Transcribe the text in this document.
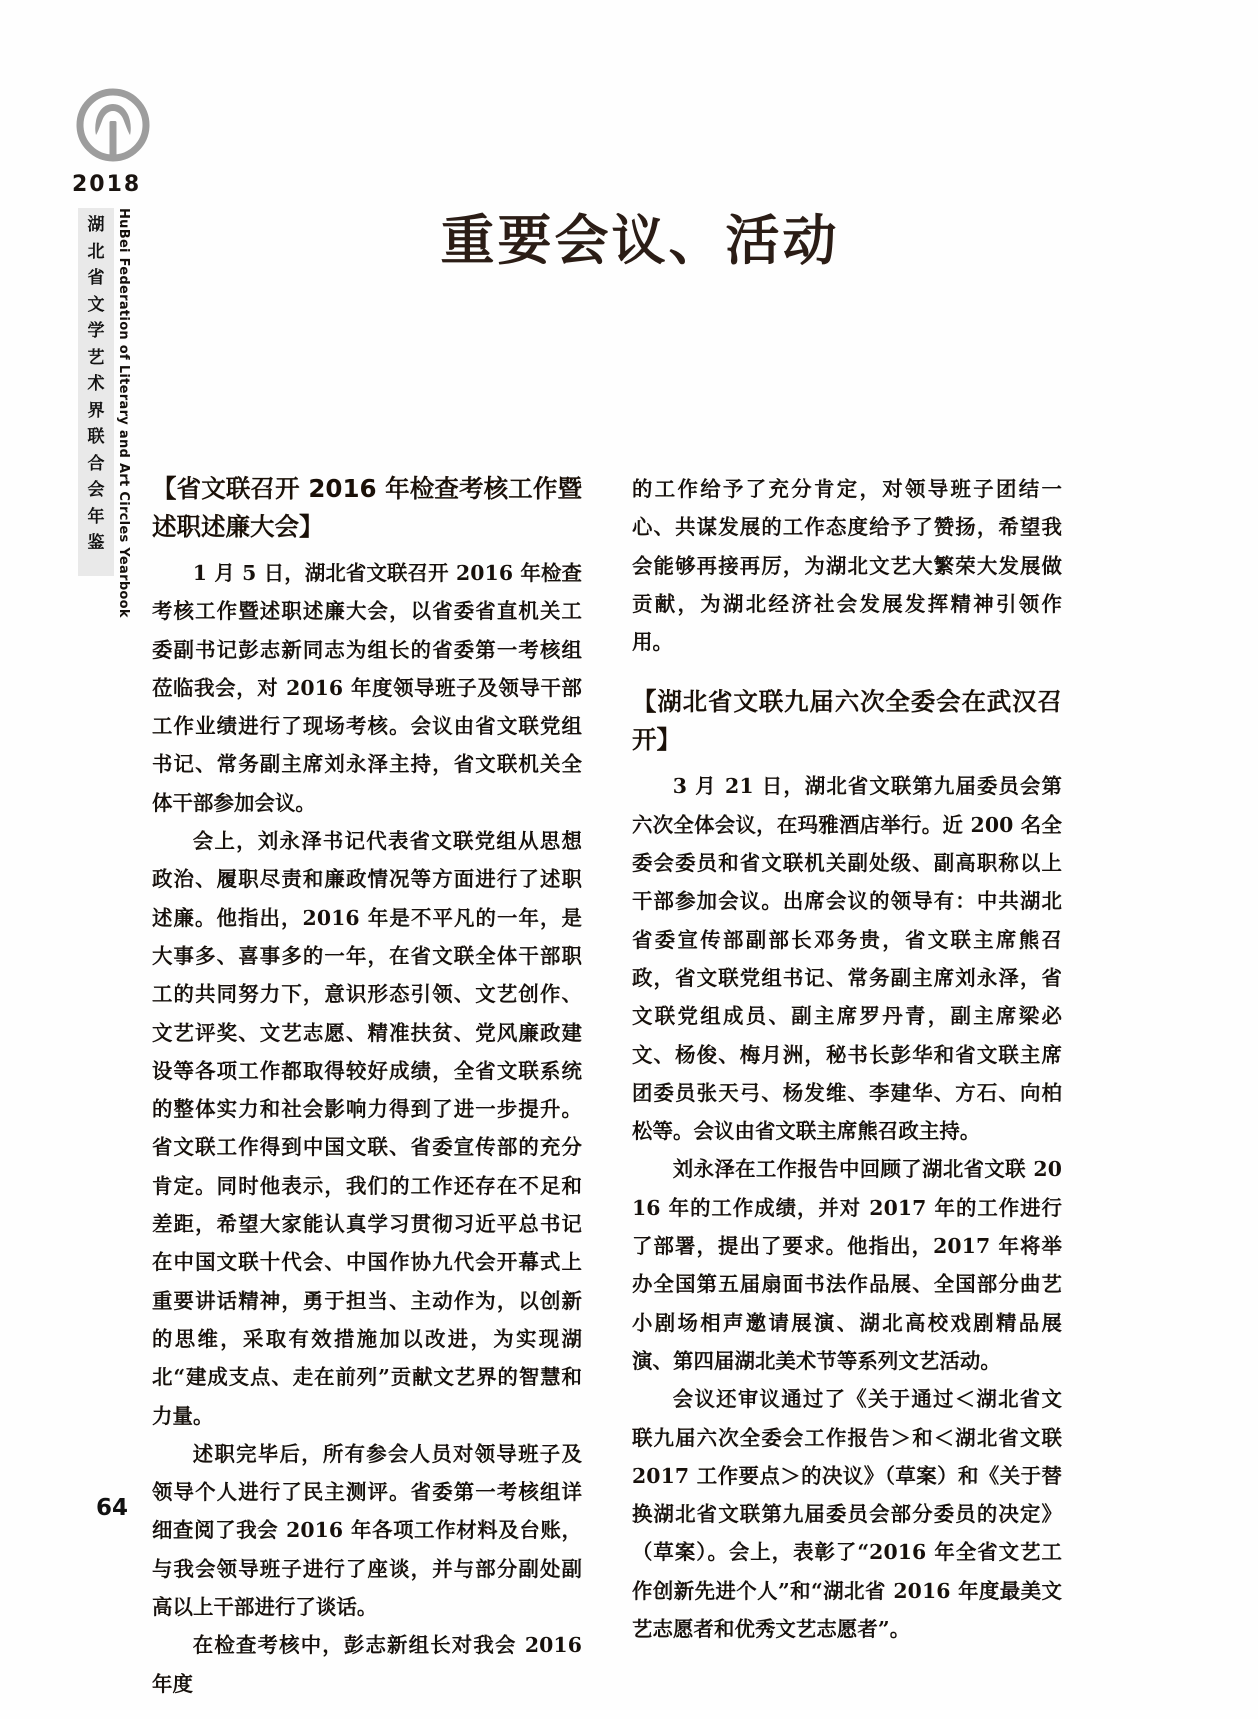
2018
湖北省文学艺术界联合会年鉴 HuBei Federation of Literary and Art Circles Yearbook	重要会议、活动
【省文联召开 2016 年检查考核工作暨述职述廉大会】

1 月 5 日，湖北省文联召开 2016 年检查考核工作暨述职述廉大会，以省委省直机关工委副书记彭志新同志为组长的省委第一考核组莅临我会，对 2016 年度领导班子及领导干部工作业绩进行了现场考核。会议由省文联党组书记、常务副主席刘永泽主持，省文联机关全体干部参加会议。

会上，刘永泽书记代表省文联党组从思想政治、履职尽责和廉政情况等方面进行了述职述廉。他指出，2016 年是不平凡的一年，是大事多、喜事多的一年，在省文联全体干部职工的共同努力下，意识形态引领、文艺创作、文艺评奖、文艺志愿、精准扶贫、党风廉政建设等各项工作都取得较好成绩，全省文联系统的整体实力和社会影响力得到了进一步提升。省文联工作得到中国文联、省委宣传部的充分肯定。同时他表示，我们的工作还存在不足和差距，希望大家能认真学习贯彻习近平总书记在中国文联十代会、中国作协九代会开幕式上重要讲话精神，勇于担当、主动作为，以创新的思维，采取有效措施加以改进，为实现湖北“建成支点、走在前列”贡献文艺界的智慧和力量。

述职完毕后，所有参会人员对领导班子及领导个人进行了民主测评。省委第一考核组详细查阅了我会 2016 年各项工作材料及台账，与我会领导班子进行了座谈，并与部分副处副高以上干部进行了谈话。

在检查考核中，彭志新组长对我会 2016 年度

的工作给予了充分肯定，对领导班子团结一心、共谋发展的工作态度给予了赞扬，希望我会能够再接再厉，为湖北文艺大繁荣大发展做贡献，为湖北经济社会发展发挥精神引领作用。

【湖北省文联九届六次全委会在武汉召开】

3 月 21 日，湖北省文联第九届委员会第六次全体会议，在玛雅酒店举行。近 200 名全委会委员和省文联机关副处级、副高职称以上干部参加会议。出席会议的领导有：中共湖北省委宣传部副部长邓务贵，省文联主席熊召政，省文联党组书记、常务副主席刘永泽，省文联党组成员、副主席罗丹青，副主席梁必文、杨俊、梅月洲，秘书长彭华和省文联主席团委员张天弓、杨发维、李建华、方石、向柏松等。会议由省文联主席熊召政主持。

刘永泽在工作报告中回顾了湖北省文联 2016 年的工作成绩，并对 2017 年的工作进行了部署，提出了要求。他指出，2017 年将举办全国第五届扇面书法作品展、全国部分曲艺小剧场相声邀请展演、湖北高校戏剧精品展演、第四届湖北美术节等系列文艺活动。

会议还审议通过了《关于通过＜湖北省文联九届六次全委会工作报告＞和＜湖北省文联 2017 工作要点＞的决议》（草案）和《关于替换湖北省文联第九届委员会部分委员的决定》（草案）。会上，表彰了“2016 年全省文艺工作创新先进个人”和“湖北省 2016 年度最美文艺志愿者和优秀文艺志愿者”。

64
